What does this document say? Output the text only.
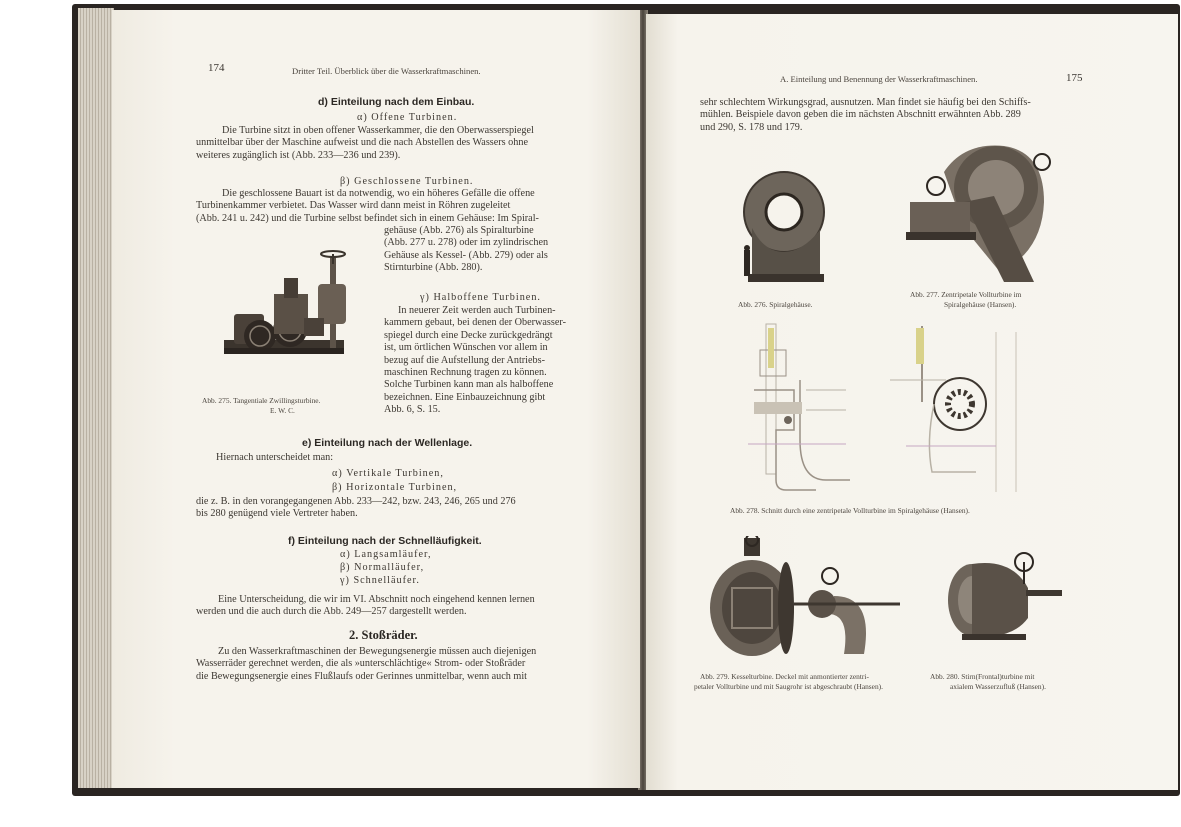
174	Dritter Teil. Überblick über die Wasserkraftmaschinen.
d) Einteilung nach dem Einbau.
α) Offene Turbinen.
Die Turbine sitzt in oben offener Wasserkammer, die den Oberwasserspiegel
unmittelbar über der Maschine aufweist und die nach Abstellen des Wassers ohne
weiteres zugänglich ist (Abb. 233—236 und 239).
β) Geschlossene Turbinen.
Die geschlossene Bauart ist da notwendig, wo ein höheres Gefälle die offene
Turbinenkammer verbietet. Das Wasser wird dann meist in Röhren zugeleitet
(Abb. 241 u. 242) und die Turbine selbst befindet sich in einem Gehäuse: Im Spiral-
gehäuse (Abb. 276) als Spiralturbine
(Abb. 277 u. 278) oder im zylindrischen
Gehäuse als Kessel- (Abb. 279) oder als
Stirnturbine (Abb. 280).
γ) Halboffene Turbinen.
In neuerer Zeit werden auch Turbinen-
kammern gebaut, bei denen der Oberwasser-
spiegel durch eine Decke zurückgedrängt
ist, um örtlichen Wünschen vor allem in
bezug auf die Aufstellung der Antriebs-
maschinen Rechnung tragen zu können.
Solche Turbinen kann man als halboffene
bezeichnen. Eine Einbauzeichnung gibt
Abb. 6, S. 15.
Abb. 275. Tangentiale Zwillingsturbine.
E. W. C.
e) Einteilung nach der Wellenlage.
Hiernach unterscheidet man:
α) Vertikale Turbinen,
β) Horizontale Turbinen,
die z. B. in den vorangegangenen Abb. 233—242, bzw. 243, 246, 265 und 276
bis 280 genügend viele Vertreter haben.
f) Einteilung nach der Schnelläufigkeit.
α) Langsamläufer,
β) Normalläufer,
γ) Schnelläufer.
Eine Unterscheidung, die wir im VI. Abschnitt noch eingehend kennen lernen
werden und die auch durch die Abb. 249—257 dargestellt werden.
2. Stoßräder.
Zu den Wasserkraftmaschinen der Bewegungsenergie müssen auch diejenigen
Wasserräder gerechnet werden, die als »unterschlächtige« Strom- oder Stoßräder
die Bewegungsenergie eines Flußlaufs oder Gerinnes unmittelbar, wenn auch mit
A. Einteilung und Benennung der Wasserkraftmaschinen.	175
sehr schlechtem Wirkungsgrad, ausnutzen. Man findet sie häufig bei den Schiffs-
mühlen. Beispiele davon geben die im nächsten Abschnitt erwähnten Abb. 289
und 290, S. 178 und 179.
Abb. 276. Spiralgehäuse.
Abb. 277. Zentripetale Vollturbine im
Spiralgehäuse (Hansen).
Abb. 278. Schnitt durch eine zentripetale Vollturbine im Spiralgehäuse (Hansen).
Abb. 279. Kesselturbine. Deckel mit anmontierter zentri-
petaler Vollturbine und mit Saugrohr ist abgeschraubt (Hansen).
Abb. 280. Stirn(Frontal)turbine mit
axialem Wasserzufluß (Hansen).
